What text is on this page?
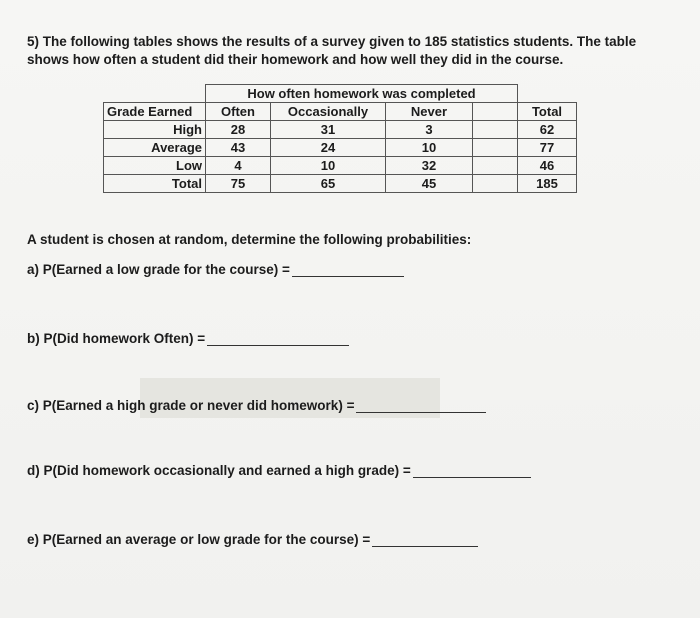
5) The following tables shows the results of a survey given to 185 statistics students. The table shows how often a student did their homework and how well they did in the course.
	How often homework was completed				
Grade Earned	Often	Occasionally	Never		Total
High	28	31	3		62
Average	43	24	10		77
Low	4	10	32		46
Total	75	65	45		185
A student is chosen at random, determine the following probabilities:
a) P(Earned a low grade for the course) =
b) P(Did homework Often) =
c) P(Earned a high grade or never did homework) =
d) P(Did homework occasionally and earned a high grade) =
e) P(Earned an average or low grade for the course) =
